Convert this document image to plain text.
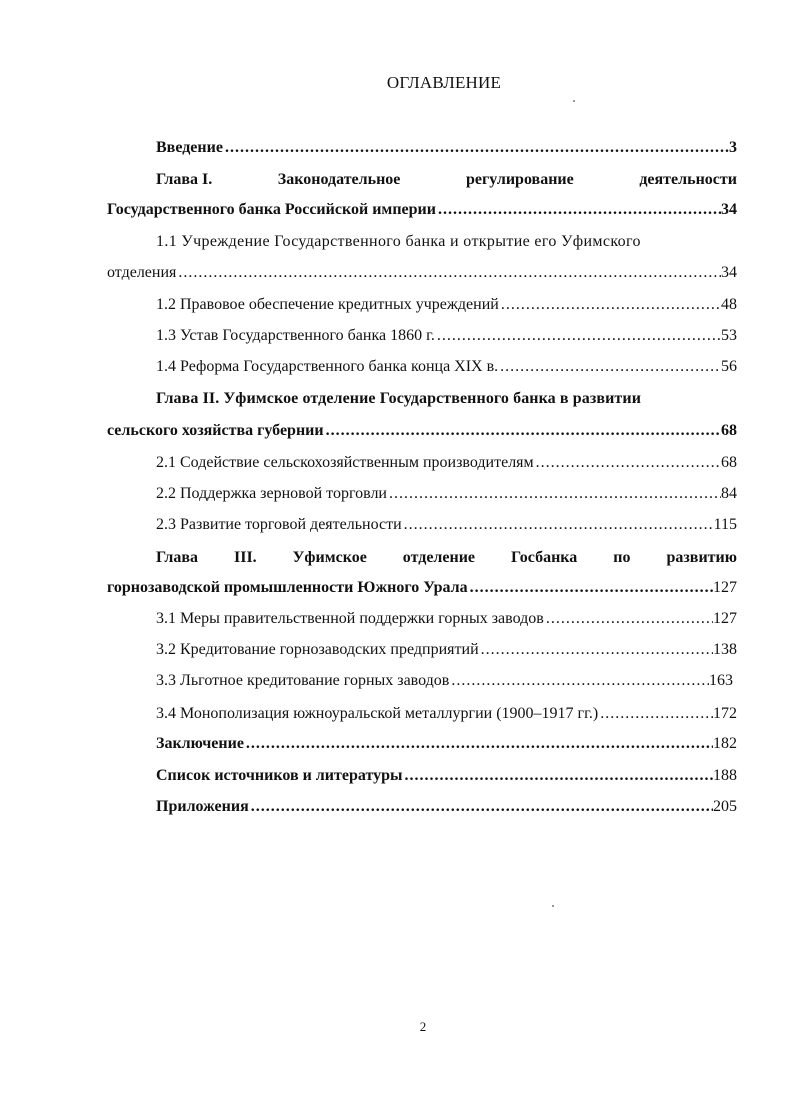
ОГЛАВЛЕНИЕ
Введение .....	3
Глава I.	Законодательное	регулирование	деятельности
Государственного банка Российской империи .....	34
1.1 Учреждение Государственного банка и открытие его Уфимского
отделения .....	34
1.2 Правовое обеспечение кредитных учреждений .....	48
1.3 Устав Государственного банка 1860 г. .....	53
1.4 Реформа Государственного банка конца XIX в. .....	56
Глава II. Уфимское отделение Государственного банка в развитии
сельского хозяйства губернии .....	68
2.1 Содействие сельскохозяйственным производителям .....	68
2.2 Поддержка зерновой торговли .....	84
2.3 Развитие торговой деятельности .....	115
Глава III. Уфимское отделение Госбанка по развитию
горнозаводской промышленности Южного Урала .....	127
3.1 Меры правительственной поддержки горных заводов .....	127
3.2 Кредитование горнозаводских предприятий .....	138
3.3 Льготное кредитование горных заводов .....	163
3.4 Монополизация южноуральской металлургии (1900–1917 гг.) .....	172
Заключение .....	182
Список источников и литературы .....	188
Приложения .....	205
2
